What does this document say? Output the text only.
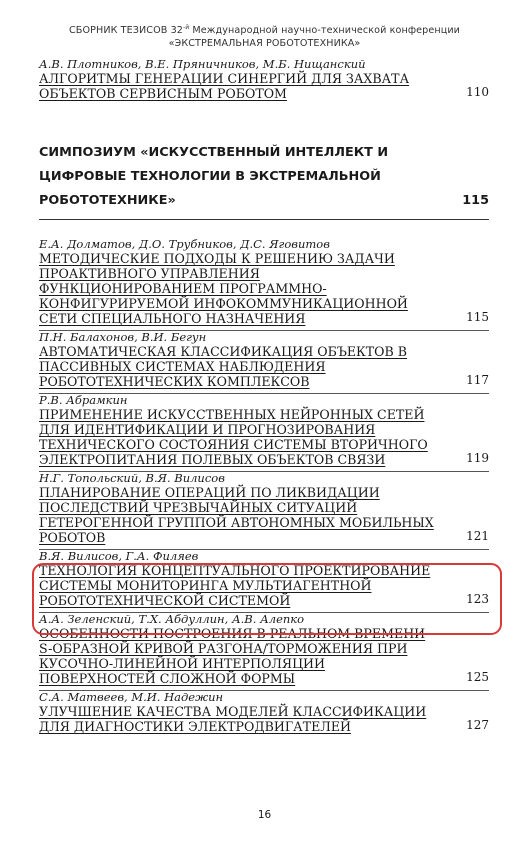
СБОРНИК ТЕЗИСОВ $32^{-й}$ Международной научно-технической конференции
«ЭКСТРЕМАЛЬНАЯ РОБОТОТЕХНИКА»
А.В. Плотников, В.Е. Пряничников, М.Б. Нищанский
АЛГОРИТМЫ ГЕНЕРАЦИИ СИНЕРГИЙ ДЛЯ ЗАХВАТА ОБЪЕКТОВ СЕРВИСНЫМ РОБОТОМ	110
СИМПОЗИУМ «ИСКУССТВЕННЫЙ ИНТЕЛЛЕКТ И ЦИФРОВЫЕ ТЕХНОЛОГИИ В ЭКСТРЕМАЛЬНОЙ РОБОТОТЕХНИКЕ»	115
Е.А. Долматов, Д.О. Трубников, Д.С. Яговитов
МЕТОДИЧЕСКИЕ ПОДХОДЫ К РЕШЕНИЮ ЗАДАЧИ ПРОАКТИВНОГО УПРАВЛЕНИЯ ФУНКЦИОНИРОВАНИЕМ ПРОГРАММНО-КОНФИГУРИРУЕМОЙ ИНФОКОММУНИКАЦИОННОЙ СЕТИ СПЕЦИАЛЬНОГО НАЗНАЧЕНИЯ	115
П.Н. Балахонов, В.И. Бегун
АВТОМАТИЧЕСКАЯ КЛАССИФИКАЦИЯ ОБЪЕКТОВ В ПАССИВНЫХ СИСТЕМАХ НАБЛЮДЕНИЯ РОБОТОТЕХНИЧЕСКИХ КОМПЛЕКСОВ	117
Р.В. Абрамкин
ПРИМЕНЕНИЕ ИСКУССТВЕННЫХ НЕЙРОННЫХ СЕТЕЙ ДЛЯ ИДЕНТИФИКАЦИИ И ПРОГНОЗИРОВАНИЯ ТЕХНИЧЕСКОГО СОСТОЯНИЯ СИСТЕМЫ ВТОРИЧНОГО ЭЛЕКТРОПИТАНИЯ ПОЛЕВЫХ ОБЪЕКТОВ СВЯЗИ	119
Н.Г. Топольский, В.Я. Вилисов
ПЛАНИРОВАНИЕ ОПЕРАЦИЙ ПО ЛИКВИДАЦИИ ПОСЛЕДСТВИЙ ЧРЕЗВЫЧАЙНЫХ СИТУАЦИЙ ГЕТЕРОГЕННОЙ ГРУППОЙ АВТОНОМНЫХ МОБИЛЬНЫХ РОБОТОВ	121
В.Я. Вилисов, Г.А. Филяев
ТЕХНОЛОГИЯ КОНЦЕПТУАЛЬНОГО ПРОЕКТИРОВАНИЕ СИСТЕМЫ МОНИТОРИНГА МУЛЬТИАГЕНТНОЙ РОБОТОТЕХНИЧЕСКОЙ СИСТЕМОЙ	123
А.А. Зеленский, Т.Х. Абдуллин, А.В. Алепко
ОСОБЕННОСТИ ПОСТРОЕНИЯ В РЕАЛЬНОМ ВРЕМЕНИ S-ОБРАЗНОЙ КРИВОЙ РАЗГОНА/ТОРМОЖЕНИЯ ПРИ КУСОЧНО-ЛИНЕЙНОЙ ИНТЕРПОЛЯЦИИ ПОВЕРХНОСТЕЙ СЛОЖНОЙ ФОРМЫ	125
С.А. Матвеев, М.И. Надежин
УЛУЧШЕНИЕ КАЧЕСТВА МОДЕЛЕЙ КЛАССИФИКАЦИИ ДЛЯ ДИАГНОСТИКИ ЭЛЕКТРОДВИГАТЕЛЕЙ	127
16
